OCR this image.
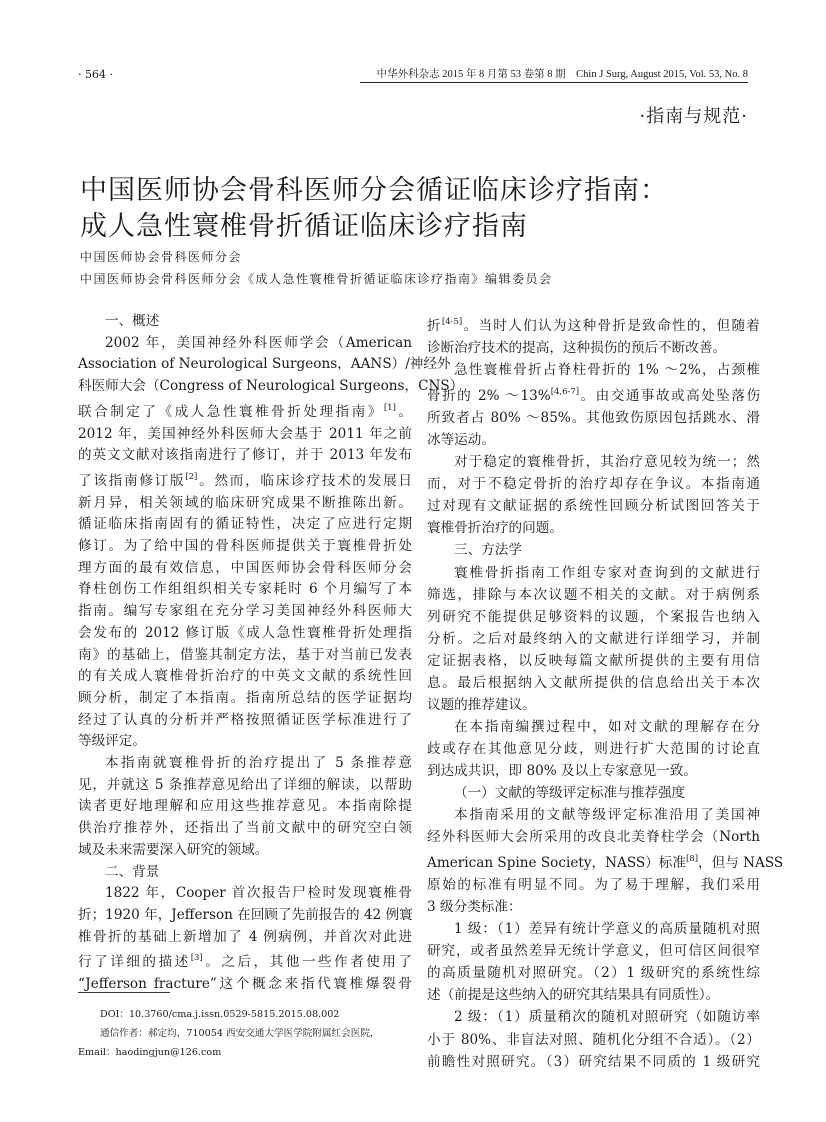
· 564 ·	中华外科杂志 2015 年 8 月第 53 卷第 8 期　Chin J Surg, August 2015, Vol. 53, No. 8
·指南与规范·
中国医师协会骨科医师分会循证临床诊疗指南：
成人急性寰椎骨折循证临床诊疗指南
中国医师协会骨科医师分会
中国医师协会骨科医师分会《成人急性寰椎骨折循证临床诊疗指南》编辑委员会
一、概述
2002 年，美国神经外科医师学会（American
Association of Neurological Surgeons，AANS）/神经外
科医师大会（Congress of Neurological Surgeons，CNS）
联合制定了《成人急性寰椎骨折处理指南》[1]。
2012 年，美国神经外科医师大会基于 2011 年之前
的英文文献对该指南进行了修订，并于 2013 年发布
了该指南修订版[2]。然而，临床诊疗技术的发展日
新月异，相关领域的临床研究成果不断推陈出新。
循证临床指南固有的循证特性，决定了应进行定期
修订。为了给中国的骨科医师提供关于寰椎骨折处
理方面的最有效信息，中国医师协会骨科医师分会
脊柱创伤工作组组织相关专家耗时 6 个月编写了本
指南。编写专家组在充分学习美国神经外科医师大
会发布的 2012 修订版《成人急性寰椎骨折处理指
南》的基础上，借鉴其制定方法，基于对当前已发表
的有关成人寰椎骨折治疗的中英文文献的系统性回
顾分析，制定了本指南。指南所总结的医学证据均
经过了认真的分析并严格按照循证医学标准进行了
等级评定。
本指南就寰椎骨折的治疗提出了 5 条推荐意
见，并就这 5 条推荐意见给出了详细的解读，以帮助
读者更好地理解和应用这些推荐意见。本指南除提
供治疗推荐外，还指出了当前文献中的研究空白领
域及未来需要深入研究的领域。
二、背景
1822 年，Cooper 首次报告尸检时发现寰椎骨
折；1920 年，Jefferson 在回顾了先前报告的 42 例寰
椎骨折的基础上新增加了 4 例病例，并首次对此进
行了详细的描述[3]。之后，其他一些作者使用了
“Jefferson fracture”这个概念来指代寰椎爆裂骨
折[4-5]。当时人们认为这种骨折是致命性的，但随着
诊断治疗技术的提高，这种损伤的预后不断改善。
急性寰椎骨折占脊柱骨折的 1% ～2%，占颈椎
骨折的 2% ～13%[4,6-7]。由交通事故或高处坠落伤
所致者占 80% ～85%。其他致伤原因包括跳水、滑
冰等运动。
对于稳定的寰椎骨折，其治疗意见较为统一；然
而，对于不稳定骨折的治疗却存在争议。本指南通
过对现有文献证据的系统性回顾分析试图回答关于
寰椎骨折治疗的问题。
三、方法学
寰椎骨折指南工作组专家对查询到的文献进行
筛选，排除与本次议题不相关的文献。对于病例系
列研究不能提供足够资料的议题，个案报告也纳入
分析。之后对最终纳入的文献进行详细学习，并制
定证据表格，以反映每篇文献所提供的主要有用信
息。最后根据纳入文献所提供的信息给出关于本次
议题的推荐建议。
在本指南编撰过程中，如对文献的理解存在分
歧或存在其他意见分歧，则进行扩大范围的讨论直
到达成共识，即 80% 及以上专家意见一致。
（一）文献的等级评定标准与推荐强度
本指南采用的文献等级评定标准沿用了美国神
经外科医师大会所采用的改良北美脊柱学会（North
American Spine Society，NASS）标准[8]，但与 NASS
原始的标准有明显不同。为了易于理解，我们采用
3 级分类标准：
1 级：（1）差异有统计学意义的高质量随机对照
研究，或者虽然差异无统计学意义，但可信区间很窄
的高质量随机对照研究。（2）1 级研究的系统性综
述（前提是这些纳入的研究其结果具有同质性）。
2 级：（1）质量稍次的随机对照研究（如随访率
小于 80%、非盲法对照、随机化分组不合适）。（2）
前瞻性对照研究。（3）研究结果不同质的 1 级研究
DOI：10.3760/cma.j.issn.0529-5815.2015.08.002
通信作者：郝定均，710054 西安交通大学医学院附属红会医院，
Email：haodingjun@126.com
